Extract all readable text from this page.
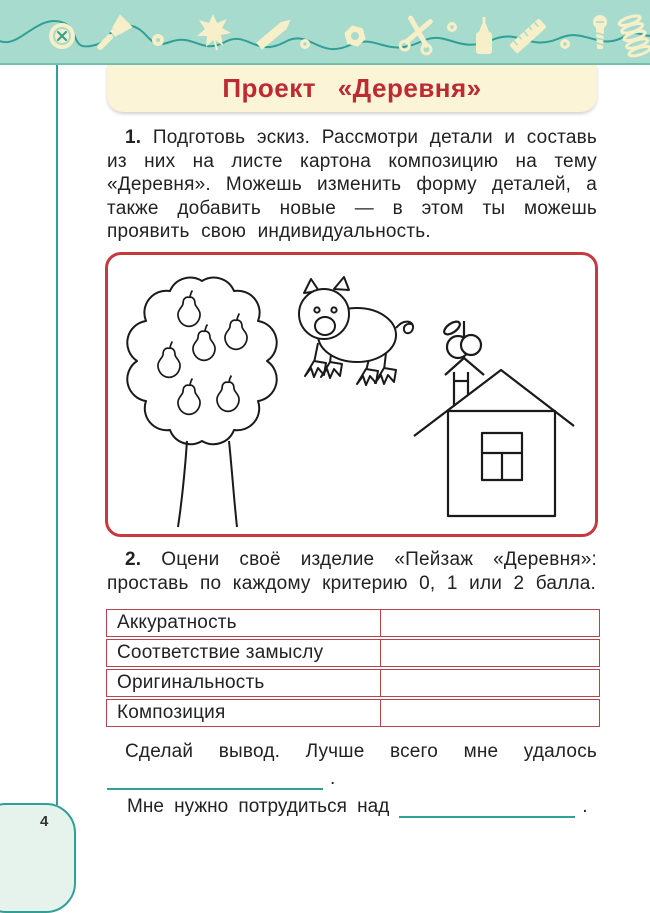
Проект «Деревня»

1. Подготовь эскиз. Рассмотри детали и составь из них на листе картона композицию на тему «Деревня». Можешь изменить форму деталей, а также добавить новые — в этом ты можешь проявить свою индивидуальность.

2. Оцени своё изделие «Пейзаж «Деревня»: проставь по каждому критерию 0, 1 или 2 балла.

Аккуратность
Соответствие замыслу
Оригинальность
Композиция
Сделай вывод. Лучше всего мне удалось
.
Мне нужно потрудиться над	.
4
